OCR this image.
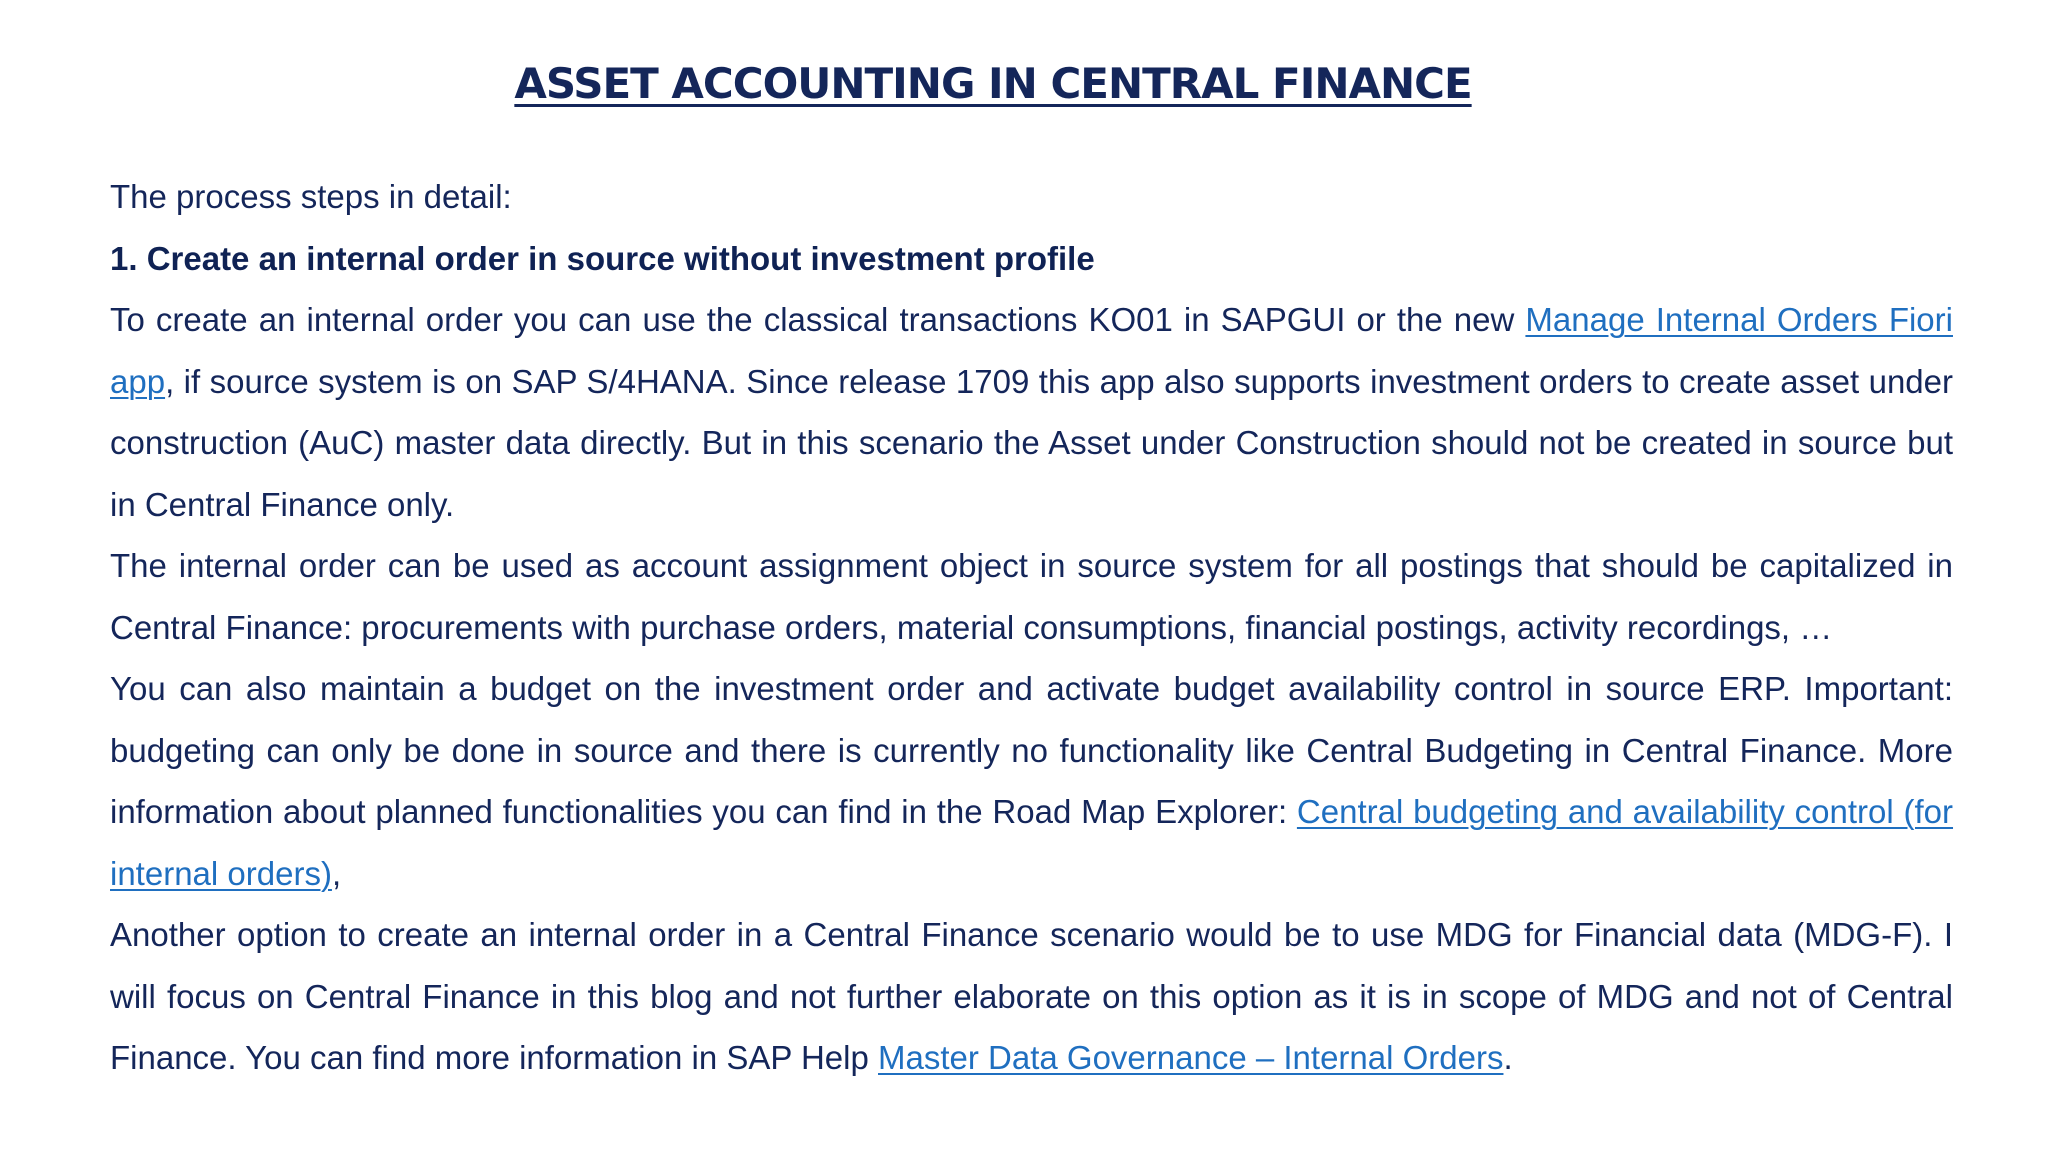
ASSET ACCOUNTING IN CENTRAL FINANCE

The process steps in detail:

1. Create an internal order in source without investment profile

To create an internal order you can use the classical transactions KO01 in SAPGUI or the new Manage Internal Orders Fiori app, if source system is on SAP S/4HANA. Since release 1709 this app also supports investment orders to create asset under construction (AuC) master data directly. But in this scenario the Asset under Construction should not be created in source but in Central Finance only.

The internal order can be used as account assignment object in source system for all postings that should be capitalized in Central Finance: procurements with purchase orders, material consumptions, financial postings, activity recordings, …

You can also maintain a budget on the investment order and activate budget availability control in source ERP. Important: budgeting can only be done in source and there is currently no functionality like Central Budgeting in Central Finance. More information about planned functionalities you can find in the Road Map Explorer: Central budgeting and availability control (for internal orders),

Another option to create an internal order in a Central Finance scenario would be to use MDG for Financial data (MDG-F). I will focus on Central Finance in this blog and not further elaborate on this option as it is in scope of MDG and not of Central Finance. You can find more information in SAP Help Master Data Governance – Internal Orders.
